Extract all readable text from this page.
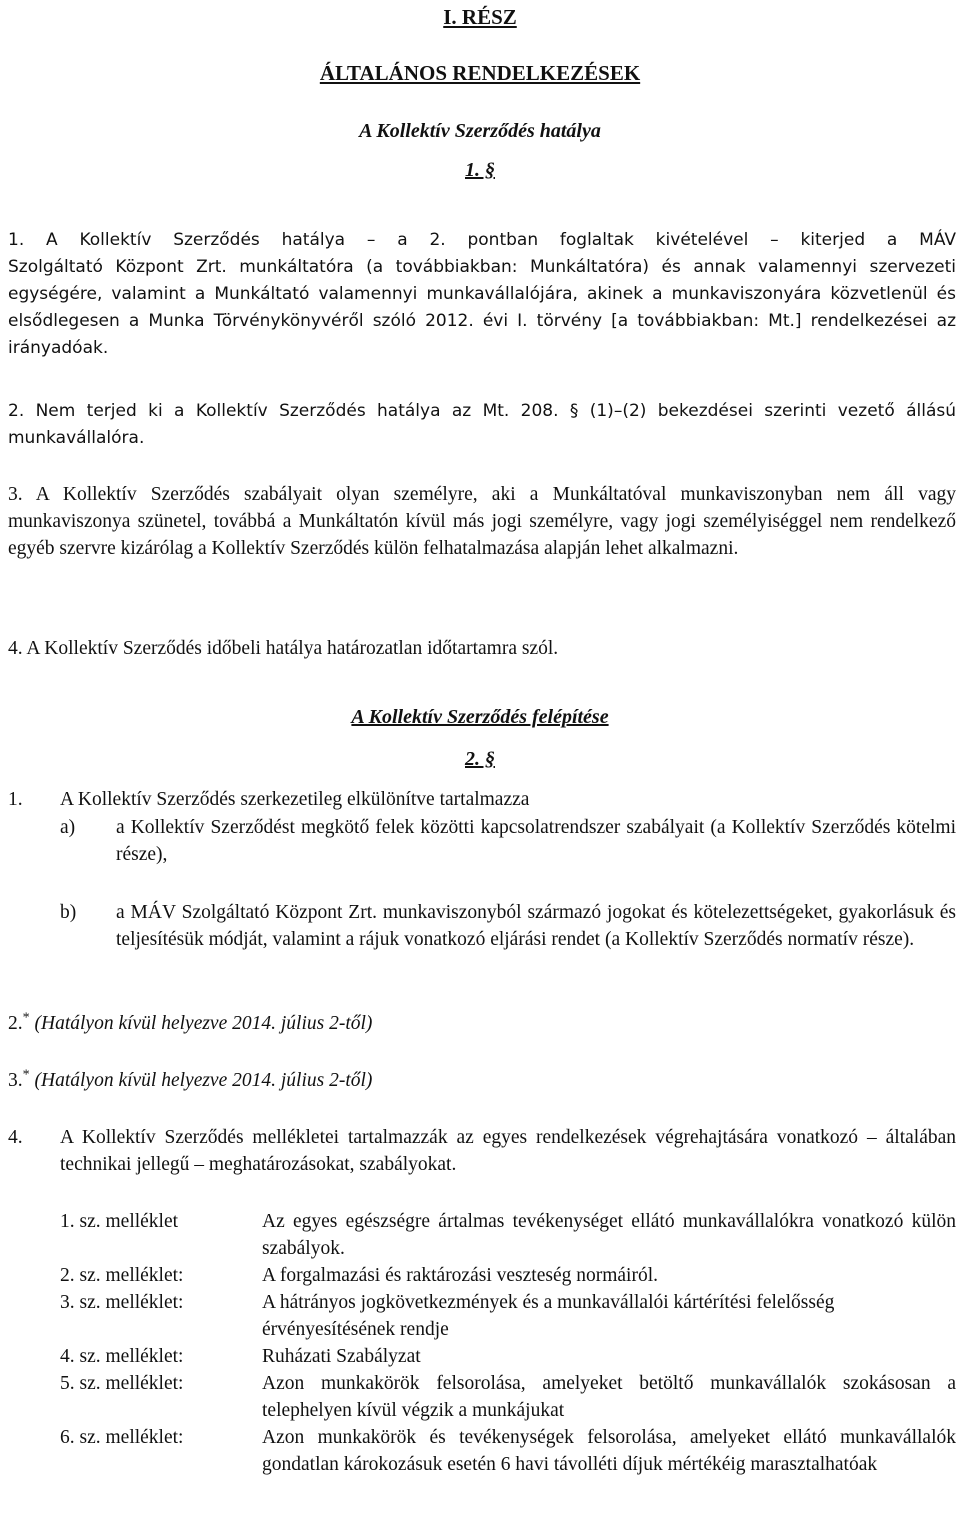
I. RÉSZ
ÁLTALÁNOS RENDELKEZÉSEK
A Kollektív Szerződés hatálya
1. §
1. A Kollektív Szerződés hatálya – a 2. pontban foglaltak kivételével – kiterjed a MÁV
Szolgáltató Központ Zrt. munkáltatóra (a továbbiakban: Munkáltatóra) és annak valamennyi szervezeti egységére, valamint a Munkáltató valamennyi munkavállalójára, akinek a munkaviszonyára közvetlenül és elsődlegesen a Munka Törvénykönyvéről szóló 2012. évi I. törvény [a továbbiakban: Mt.] rendelkezései az irányadóak.
2. Nem terjed ki a Kollektív Szerződés hatálya az Mt. 208. § (1)–(2) bekezdései szerinti vezető állású munkavállalóra.
3. A Kollektív Szerződés szabályait olyan személyre, aki a Munkáltatóval munkaviszonyban nem áll vagy munkaviszonya szünetel, továbbá a Munkáltatón kívül más jogi személyre, vagy jogi személyiséggel nem rendelkező egyéb szervre kizárólag a Kollektív Szerződés külön felhatalmazása alapján lehet alkalmazni.
4. A Kollektív Szerződés időbeli hatálya határozatlan időtartamra szól.
A Kollektív Szerződés felépítése
2. §
1.	A Kollektív Szerződés szerkezetileg elkülönítve tartalmazza
a)	a Kollektív Szerződést megkötő felek közötti kapcsolatrendszer szabályait (a Kollektív Szerződés kötelmi része),
b)	a MÁV Szolgáltató Központ Zrt. munkaviszonyból származó jogokat és kötelezettségeket, gyakorlásuk és teljesítésük módját, valamint a rájuk vonatkozó eljárási rendet (a Kollektív Szerződés normatív része).
2.* (Hatályon kívül helyezve 2014. július 2-től)
3.* (Hatályon kívül helyezve 2014. július 2-től)
4.	A Kollektív Szerződés mellékletei tartalmazzák az egyes rendelkezések végrehajtására vonatkozó – általában technikai jellegű – meghatározásokat, szabályokat.
1. sz. melléklet	Az egyes egészségre ártalmas tevékenységet ellátó munkavállalókra vonatkozó külön szabályok.
2. sz. melléklet:	A forgalmazási és raktározási veszteség normáiról.
3. sz. melléklet:	A hátrányos jogkövetkezmények és a munkavállalói kártérítési felelősség érvényesítésének rendje
4. sz. melléklet:	Ruházati Szabályzat
5. sz. melléklet:	Azon munkakörök felsorolása, amelyeket betöltő munkavállalók szokásosan a telephelyen kívül végzik a munkájukat
6. sz. melléklet:	Azon munkakörök és tevékenységek felsorolása, amelyeket ellátó munkavállalók gondatlan károkozásuk esetén 6 havi távolléti díjuk mértékéig marasztalhatóak
